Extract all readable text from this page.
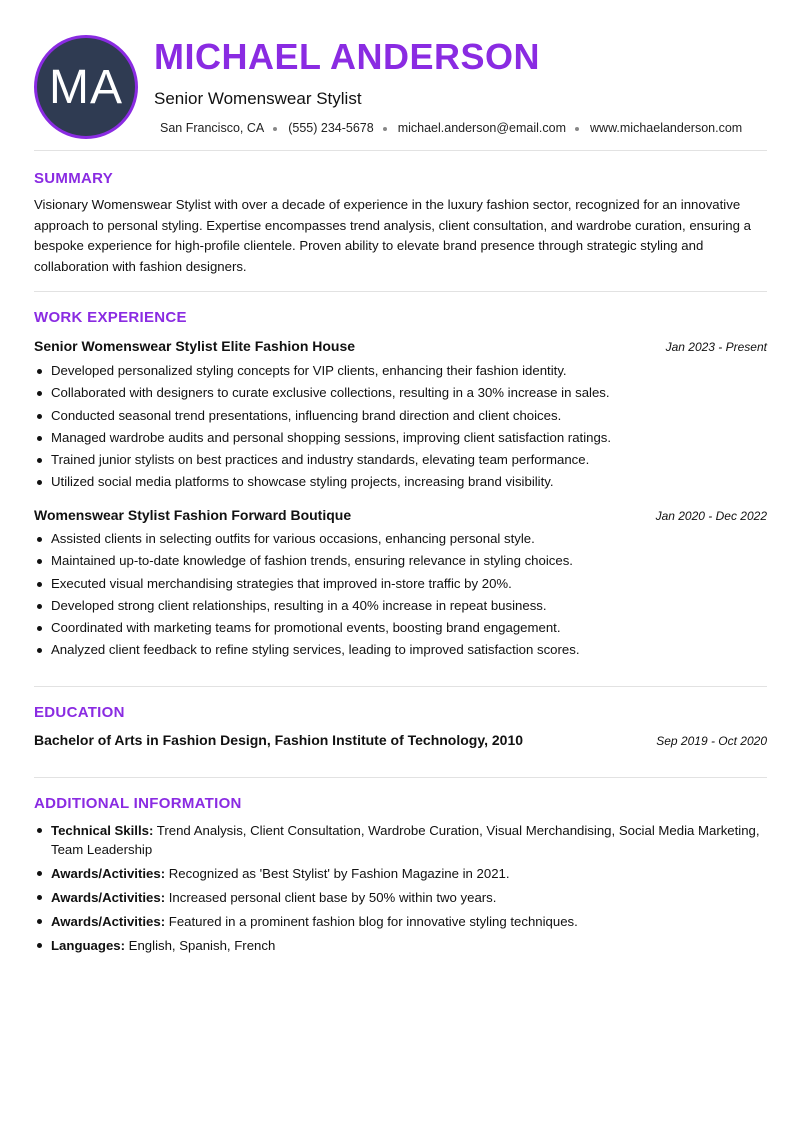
MA
MICHAEL ANDERSON
Senior Womenswear Stylist
San Francisco, CA (555) 234-5678 michael.anderson@email.com www.michaelanderson.com
SUMMARY
Visionary Womenswear Stylist with over a decade of experience in the luxury fashion sector, recognized for an innovative approach to personal styling. Expertise encompasses trend analysis, client consultation, and wardrobe curation, ensuring a bespoke experience for high-profile clientele. Proven ability to elevate brand presence through strategic styling and collaboration with fashion designers.
WORK EXPERIENCE
Senior Womenswear Stylist Elite Fashion House	Jan 2023 - Present
Developed personalized styling concepts for VIP clients, enhancing their fashion identity.
Collaborated with designers to curate exclusive collections, resulting in a 30% increase in sales.
Conducted seasonal trend presentations, influencing brand direction and client choices.
Managed wardrobe audits and personal shopping sessions, improving client satisfaction ratings.
Trained junior stylists on best practices and industry standards, elevating team performance.
Utilized social media platforms to showcase styling projects, increasing brand visibility.
Womenswear Stylist Fashion Forward Boutique	Jan 2020 - Dec 2022
Assisted clients in selecting outfits for various occasions, enhancing personal style.
Maintained up-to-date knowledge of fashion trends, ensuring relevance in styling choices.
Executed visual merchandising strategies that improved in-store traffic by 20%.
Developed strong client relationships, resulting in a 40% increase in repeat business.
Coordinated with marketing teams for promotional events, boosting brand engagement.
Analyzed client feedback to refine styling services, leading to improved satisfaction scores.
EDUCATION
Bachelor of Arts in Fashion Design, Fashion Institute of Technology, 2010	Sep 2019 - Oct 2020
ADDITIONAL INFORMATION
Technical Skills: Trend Analysis, Client Consultation, Wardrobe Curation, Visual Merchandising, Social Media Marketing, Team Leadership
Awards/Activities: Recognized as 'Best Stylist' by Fashion Magazine in 2021.
Awards/Activities: Increased personal client base by 50% within two years.
Awards/Activities: Featured in a prominent fashion blog for innovative styling techniques.
Languages: English, Spanish, French
